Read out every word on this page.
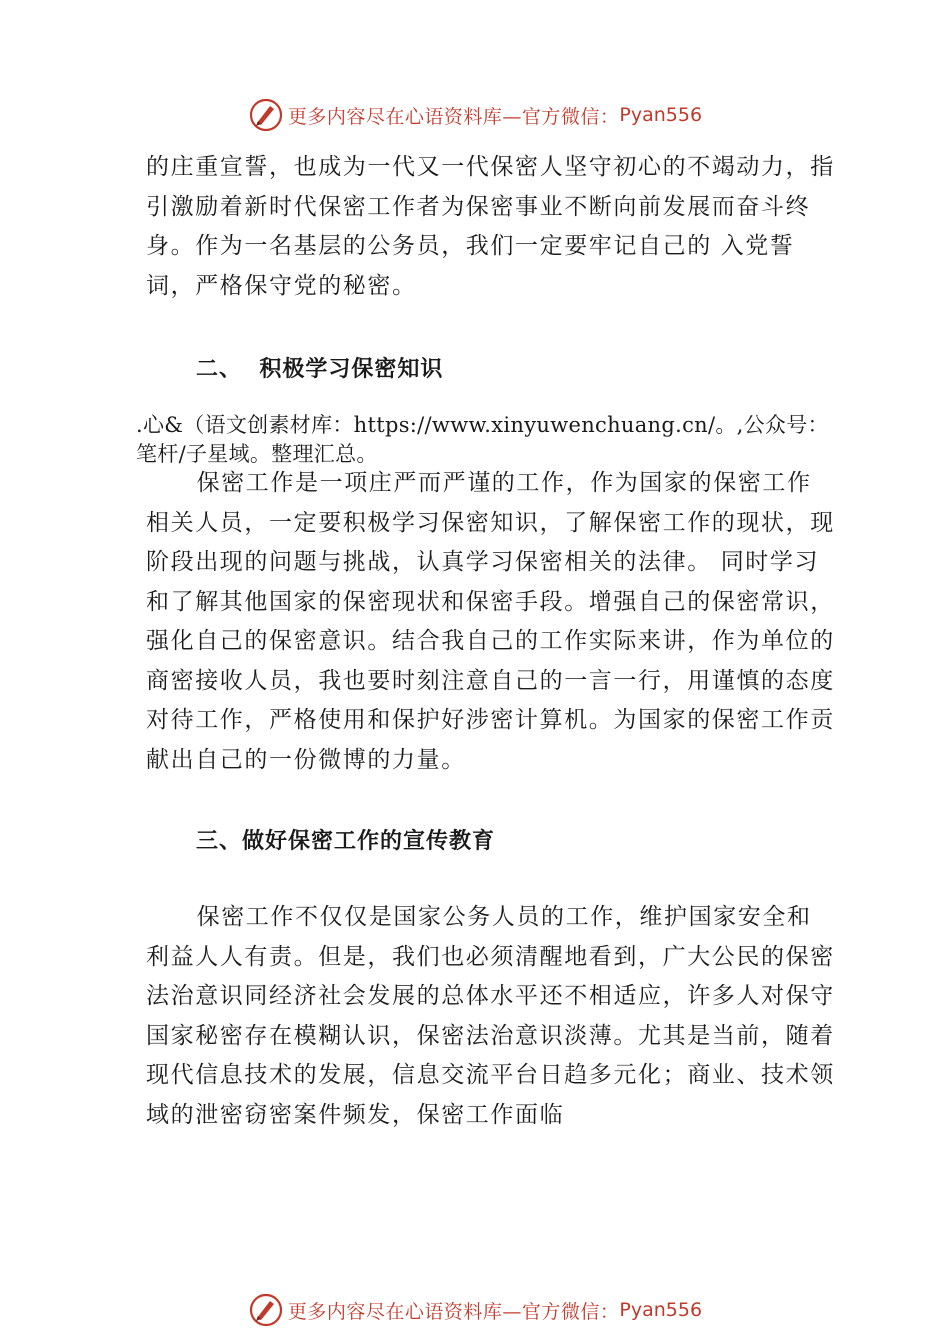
更多内容尽在心语资料库—官方微信： Pyan556

的庄重宣誓，也成为一代又一代保密人坚守初心的不竭动力，指引激励着新时代保密工作者为保密事业不断向前发展而奋斗终身。作为一名基层的公务员，我们一定要牢记自己的 入党誓词，严格保守党的秘密。

二、  积极学习保密知识
.心&（语文创素材库：https://www.xinyuwenchuang.cn/。,公众号：笔杆/子星域。整理汇总。

保密工作是一项庄严而严谨的工作，作为国家的保密工作相关人员，一定要积极学习保密知识，了解保密工作的现状，现阶段出现的问题与挑战，认真学习保密相关的法律。 同时学习和了解其他国家的保密现状和保密手段。增强自己的保密常识，强化自己的保密意识。结合我自己的工作实际来讲，作为单位的商密接收人员，我也要时刻注意自己的一言一行，用谨慎的态度对待工作，严格使用和保护好涉密计算机。为国家的保密工作贡献出自己的一份微博的力量。

三、做好保密工作的宣传教育

保密工作不仅仅是国家公务人员的工作，维护国家安全和利益人人有责。但是，我们也必须清醒地看到，广大公民的保密法治意识同经济社会发展的总体水平还不相适应，许多人对保守国家秘密存在模糊认识，保密法治意识淡薄。尤其是当前，随着现代信息技术的发展，信息交流平台日趋多元化；商业、技术领域的泄密窃密案件频发，保密工作面临

更多内容尽在心语资料库—官方微信： Pyan556
